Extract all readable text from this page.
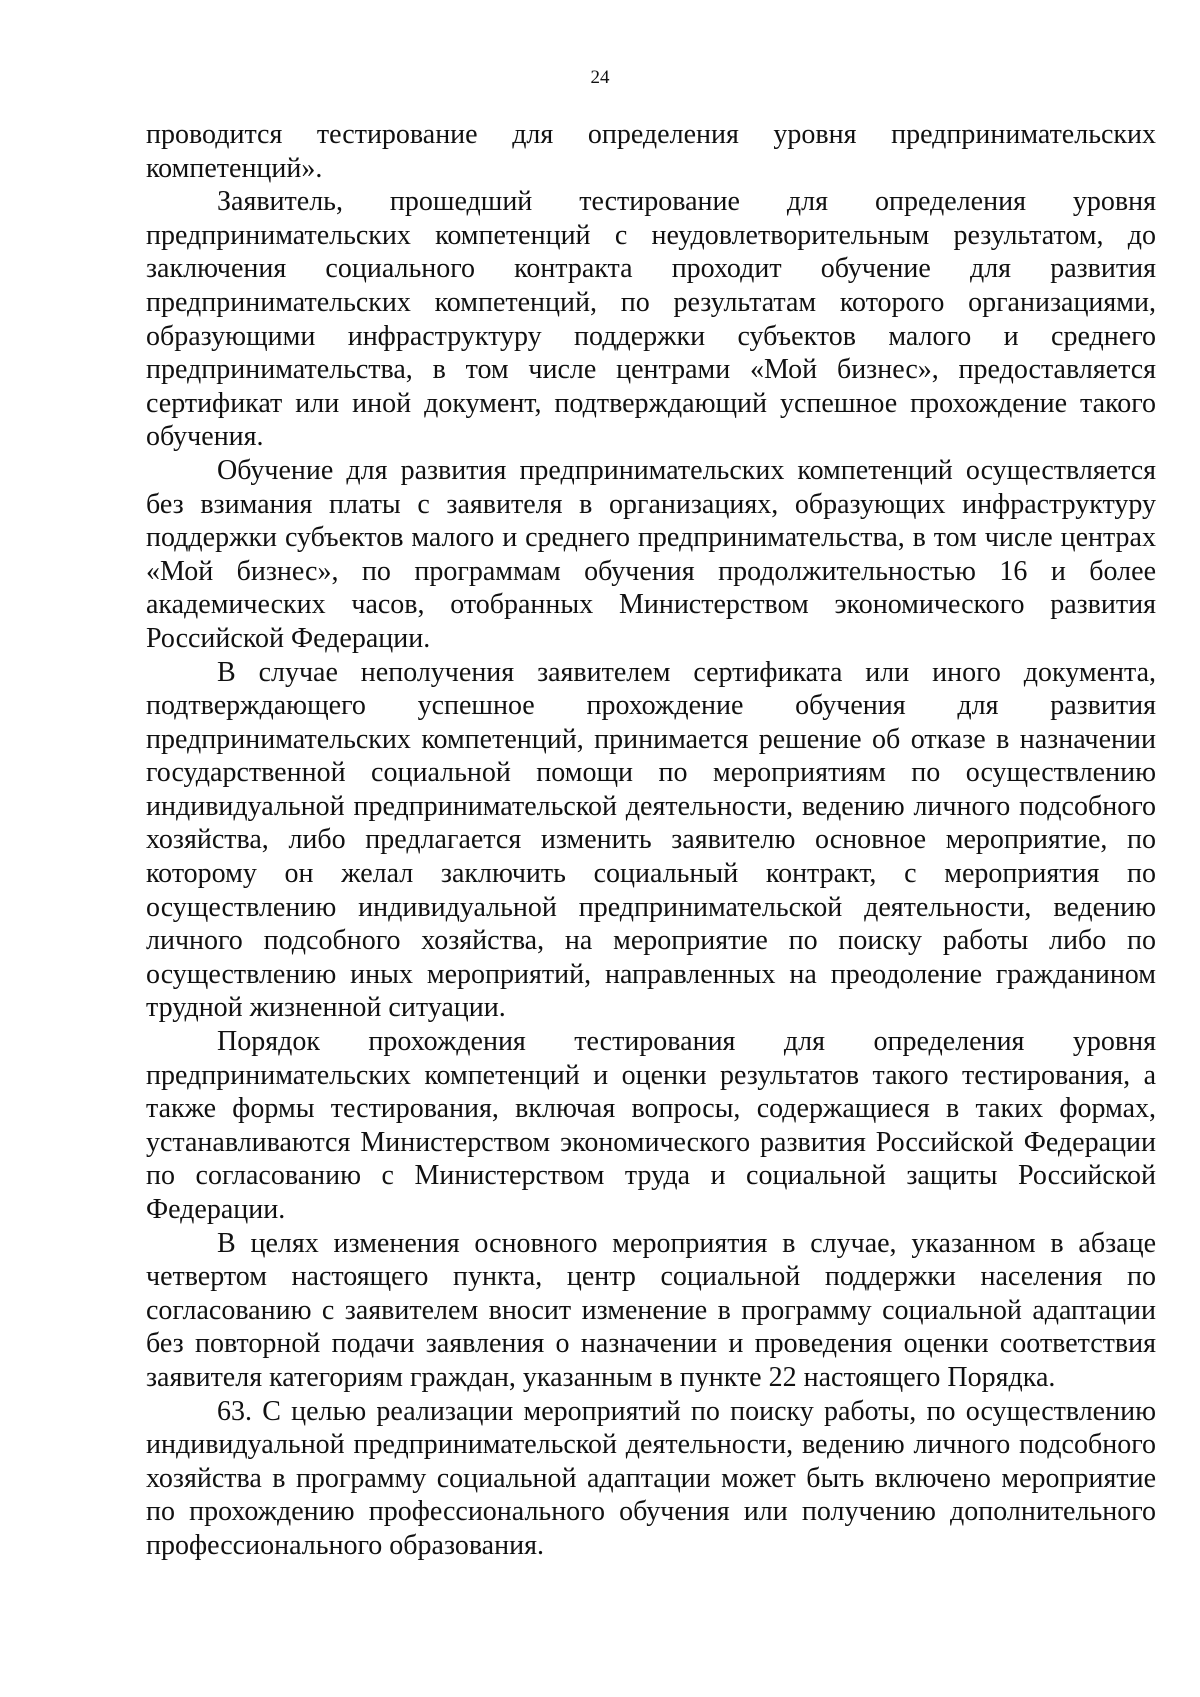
24

проводится тестирование для определения уровня предпринимательских компетенций».

Заявитель, прошедший тестирование для определения уровня предпринимательских компетенций с неудовлетворительным результатом, до заключения социального контракта проходит обучение для развития предпринимательских компетенций, по результатам которого организациями, образующими инфраструктуру поддержки субъектов малого и среднего предпринимательства, в том числе центрами «Мой бизнес», предоставляется сертификат или иной документ, подтверждающий успешное прохождение такого обучения.

Обучение для развития предпринимательских компетенций осуществляется без взимания платы с заявителя в организациях, образующих инфраструктуру поддержки субъектов малого и среднего предпринимательства, в том числе центрах «Мой бизнес», по программам обучения продолжительностью 16 и более академических часов, отобранных Министерством экономического развития Российской Федерации.

В случае неполучения заявителем сертификата или иного документа, подтверждающего успешное прохождение обучения для развития предпринимательских компетенций, принимается решение об отказе в назначении государственной социальной помощи по мероприятиям по осуществлению индивидуальной предпринимательской деятельности, ведению личного подсобного хозяйства, либо предлагается изменить заявителю основное мероприятие, по которому он желал заключить социальный контракт, с мероприятия по осуществлению индивидуальной предпринимательской деятельности, ведению личного подсобного хозяйства, на мероприятие по поиску работы либо по осуществлению иных мероприятий, направленных на преодоление гражданином трудной жизненной ситуации.

Порядок прохождения тестирования для определения уровня предпринимательских компетенций и оценки результатов такого тестирования, а также формы тестирования, включая вопросы, содержащиеся в таких формах, устанавливаются Министерством экономического развития Российской Федерации по согласованию с Министерством труда и социальной защиты Российской Федерации.

В целях изменения основного мероприятия в случае, указанном в абзаце четвертом настоящего пункта, центр социальной поддержки населения по согласованию с заявителем вносит изменение в программу социальной адаптации без повторной подачи заявления о назначении и проведения оценки соответствия заявителя категориям граждан, указанным в пункте 22 настоящего Порядка.

63. С целью реализации мероприятий по поиску работы, по осуществлению индивидуальной предпринимательской деятельности, ведению личного подсобного хозяйства в программу социальной адаптации может быть включено мероприятие по прохождению профессионального обучения или получению дополнительного профессионального образования.
